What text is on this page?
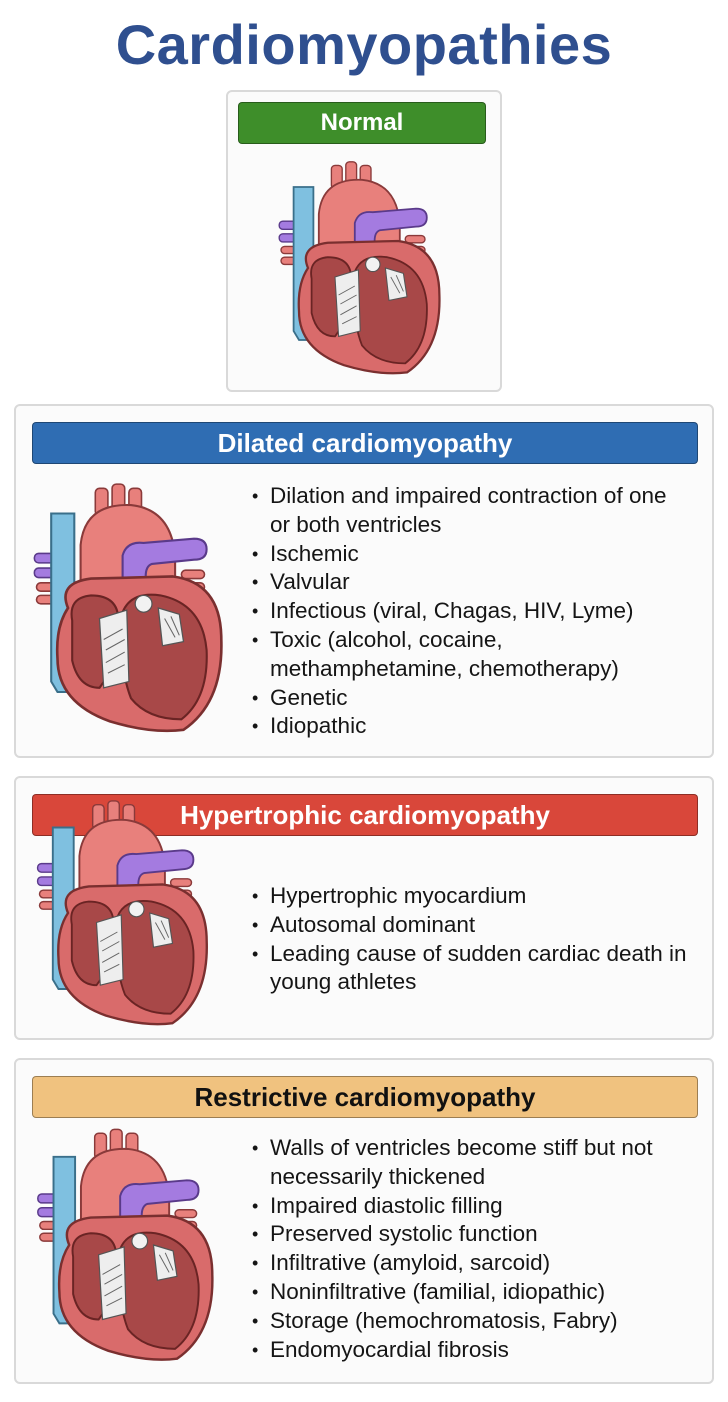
Cardiomyopathies
Normal
Dilated cardiomyopathy
• Dilation and impaired contraction of one or both ventricles
• Ischemic
• Valvular
• Infectious (viral, Chagas, HIV, Lyme)
• Toxic (alcohol, cocaine, methamphetamine, chemotherapy)
• Genetic
• Idiopathic
Hypertrophic cardiomyopathy
• Hypertrophic myocardium
• Autosomal dominant
• Leading cause of sudden cardiac death in young athletes
Restrictive cardiomyopathy
• Walls of ventricles become stiff but not necessarily thickened
• Impaired diastolic filling
• Preserved systolic function
• Infiltrative (amyloid, sarcoid)
• Noninfiltrative (familial, idiopathic)
• Storage (hemochromatosis, Fabry)
• Endomyocardial fibrosis
